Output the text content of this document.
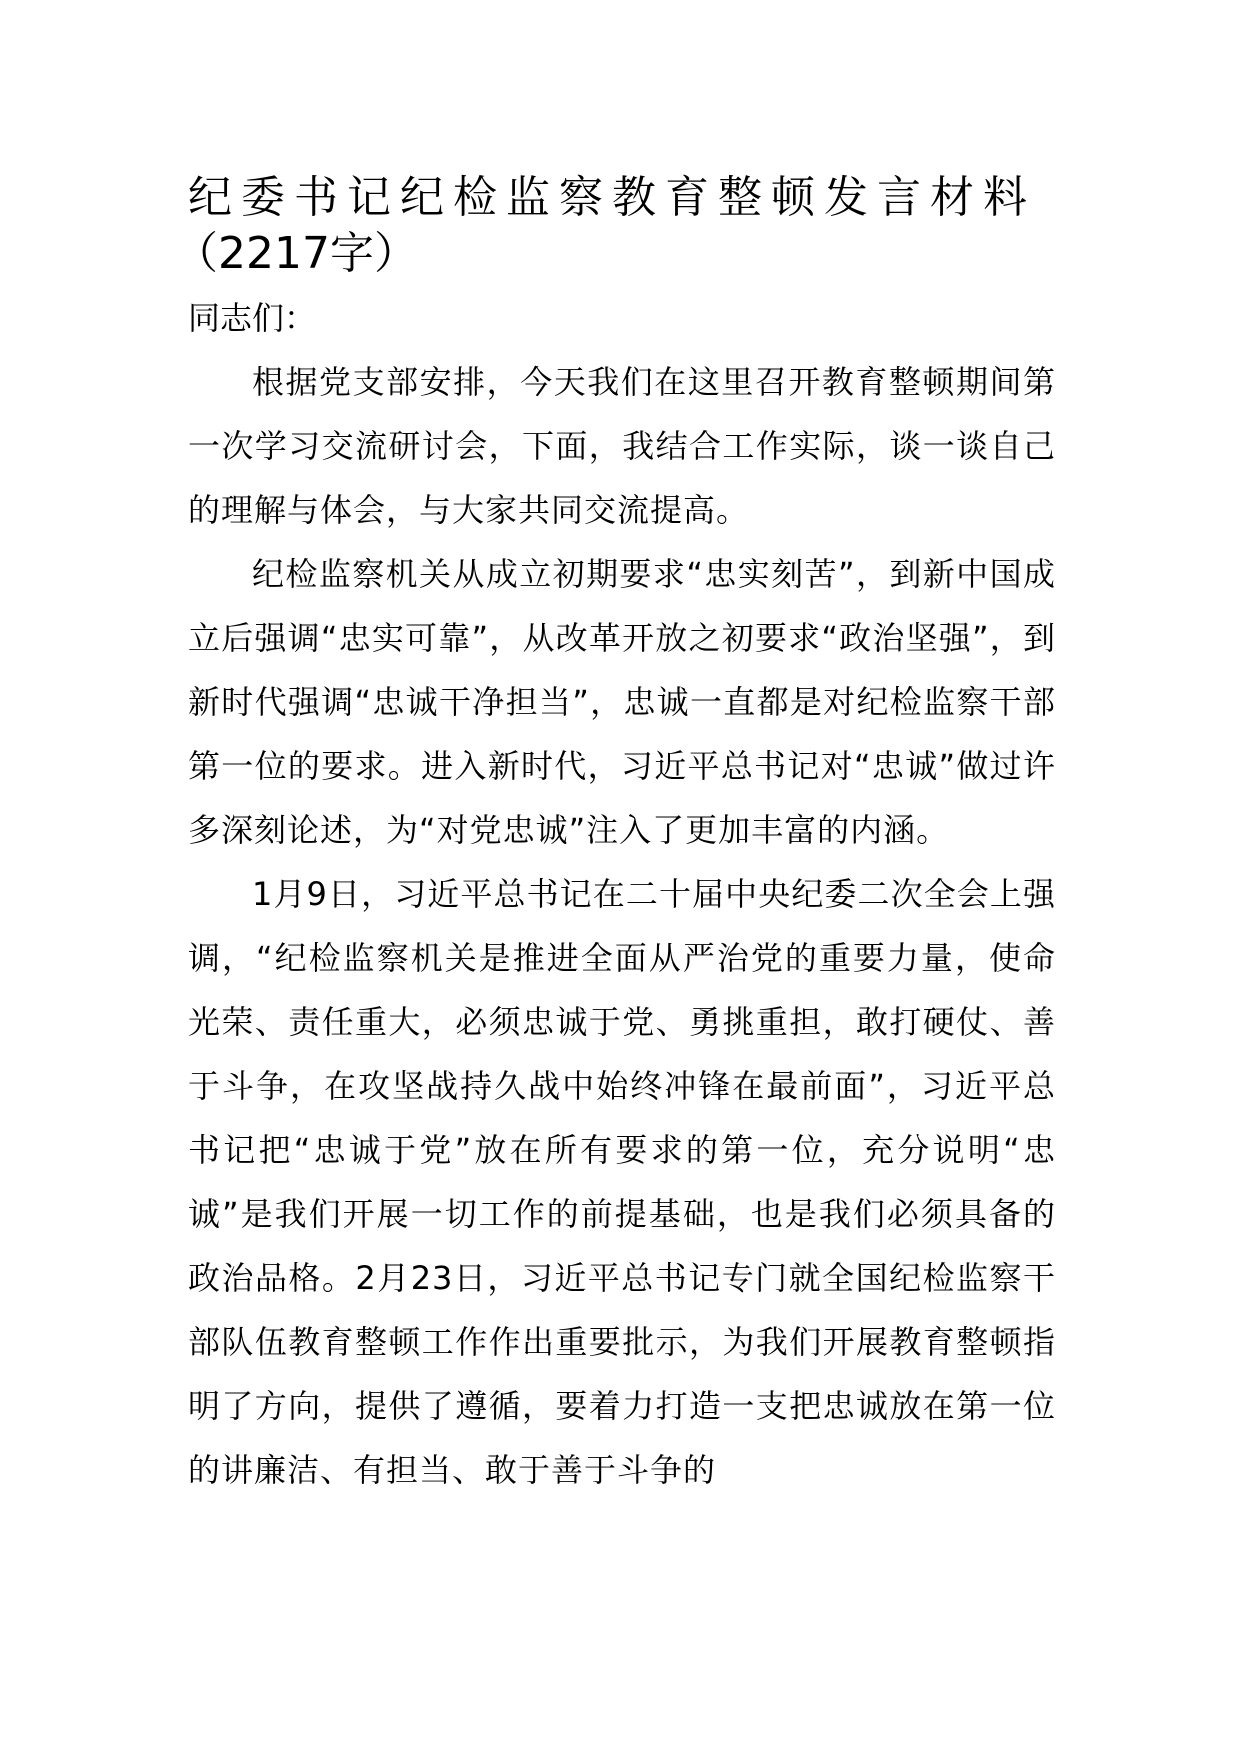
纪委书记纪检监察教育整顿发言材料
（2217字）

同志们：

根据党支部安排，今天我们在这里召开教育整顿期间第一次学习交流研讨会，下面，我结合工作实际，谈一谈自己的理解与体会，与大家共同交流提高。

纪检监察机关从成立初期要求“忠实刻苦”，到新中国成立后强调“忠实可靠”，从改革开放之初要求“政治坚强”，到新时代强调“忠诚干净担当”，忠诚一直都是对纪检监察干部第一位的要求。进入新时代，习近平总书记对“忠诚”做过许多深刻论述，为“对党忠诚”注入了更加丰富的内涵。

1月9日，习近平总书记在二十届中央纪委二次全会上强调，“纪检监察机关是推进全面从严治党的重要力量，使命光荣、责任重大，必须忠诚于党、勇挑重担，敢打硬仗、善于斗争，在攻坚战持久战中始终冲锋在最前面”，习近平总书记把“忠诚于党”放在所有要求的第一位，充分说明“忠诚”是我们开展一切工作的前提基础，也是我们必须具备的政治品格。2月23日，习近平总书记专门就全国纪检监察干部队伍教育整顿工作作出重要批示，为我们开展教育整顿指明了方向，提供了遵循，要着力打造一支把忠诚放在第一位的讲廉洁、有担当、敢于善于斗争的
